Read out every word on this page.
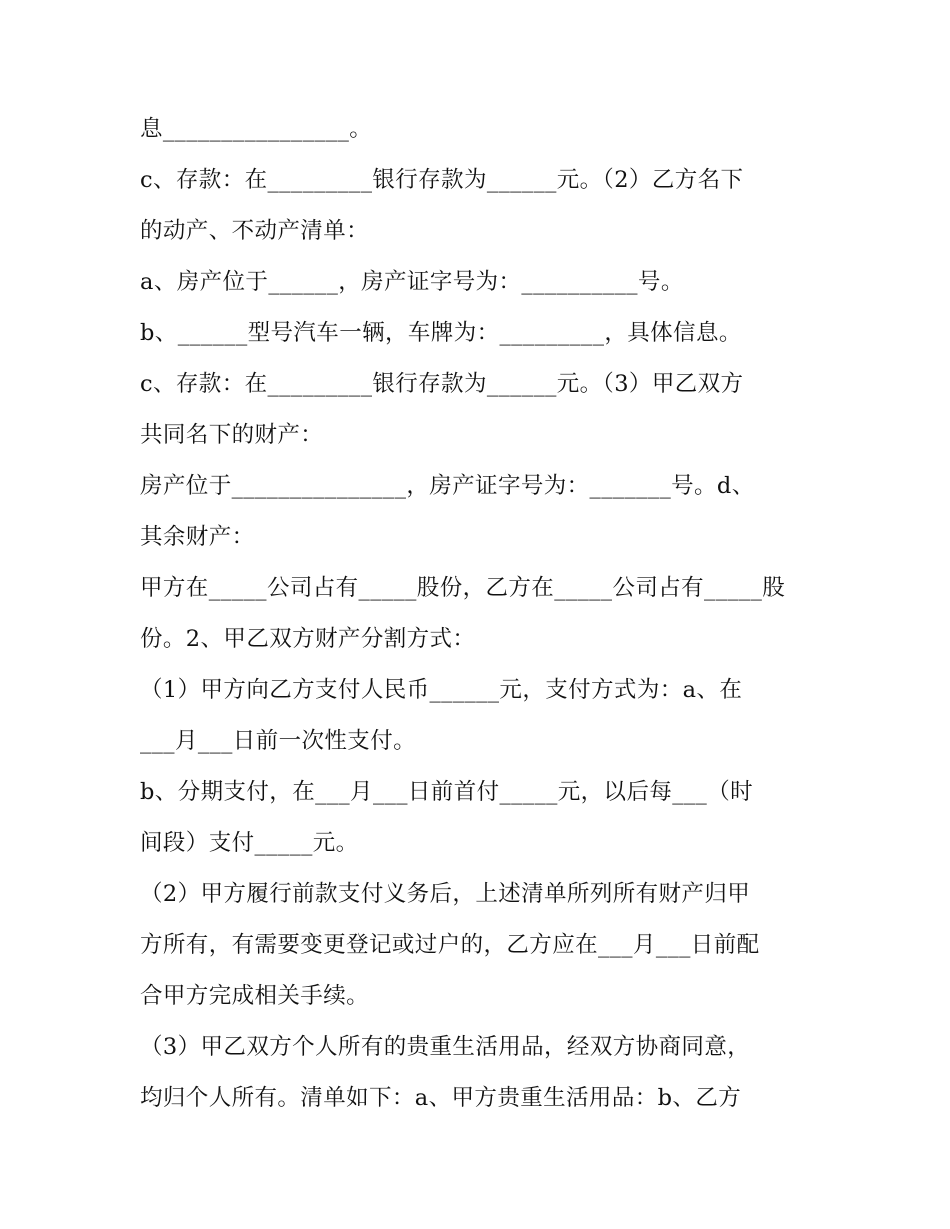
息________________。
c、存款：在_________银行存款为______元。（2）乙方名下
的动产、不动产清单：
a、房产位于______，房产证字号为：__________号。
b、______型号汽车一辆，车牌为：_________，具体信息。
c、存款：在_________银行存款为______元。（3）甲乙双方
共同名下的财产：
房产位于_______________，房产证字号为：_______号。d、
其余财产：
甲方在_____公司占有_____股份，乙方在_____公司占有_____股
份。2、甲乙双方财产分割方式：
（1）甲方向乙方支付人民币______元，支付方式为：a、在
___月___日前一次性支付。
b、分期支付，在___月___日前首付_____元，以后每___（时
间段）支付_____元。
（2）甲方履行前款支付义务后，上述清单所列所有财产归甲
方所有，有需要变更登记或过户的，乙方应在___月___日前配
合甲方完成相关手续。
（3）甲乙双方个人所有的贵重生活用品，经双方协商同意，
均归个人所有。清单如下：a、甲方贵重生活用品：b、乙方
